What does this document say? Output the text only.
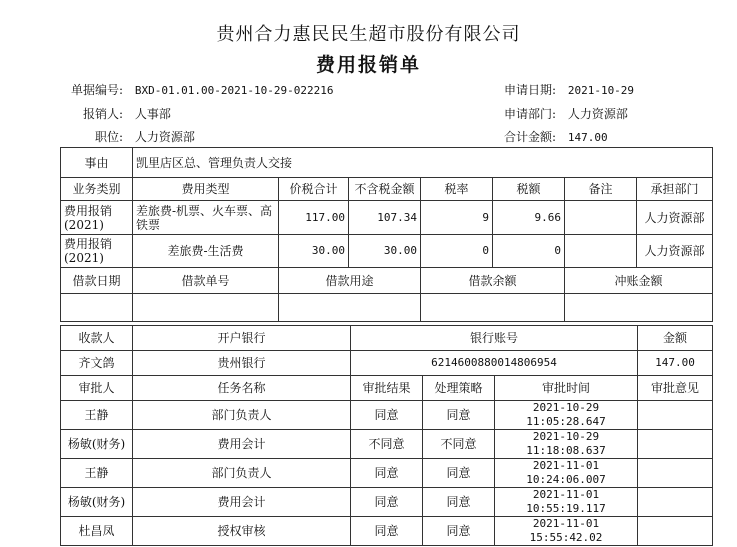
贵州合力惠民民生超市股份有限公司
费用报销单
单据编号: BXD-01.01.00-2021-10-29-022216
报销人: 人事部
职位: 人力资源部
申请日期: 2021-10-29
申请部门: 人力资源部
合计金额: 147.00
事由	凯里店区总、管理负责人交接						
业务类别	费用类型	价税合计	不含税金额	税率	税额	备注	承担部门
费用报销(2021)	差旅费-机票、火车票、高铁票	117.00	107.34	9	9.66		人力资源部
费用报销(2021)	差旅费-生活费	30.00	30.00	0	0		人力资源部
借款日期	借款单号	借款用途	借款余额	冲账金额

收款人	开户银行	银行账号			金额
齐文鸽	贵州银行	6214600880014806954			147.00
审批人	任务名称	审批结果	处理策略	审批时间	审批意见
王静	部门负责人	同意	同意	2021-10-29 11:05:28.647	
杨敏(财务)	费用会计	不同意	不同意	2021-10-29 11:18:08.637	
王静	部门负责人	同意	同意	2021-11-01 10:24:06.007	
杨敏(财务)	费用会计	同意	同意	2021-11-01 10:55:19.117	
杜昌凤	授权审核	同意	同意	2021-11-01 15:55:42.02	
